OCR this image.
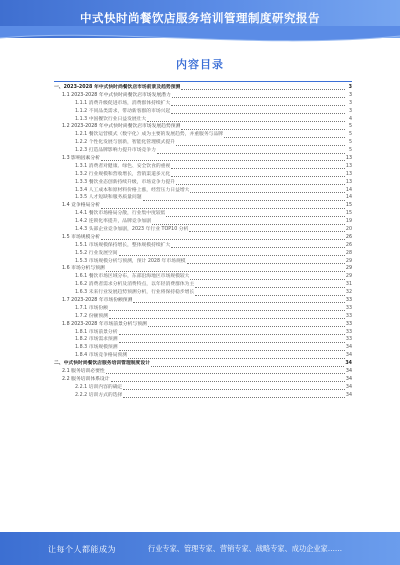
中式快时尚餐饮店服务培训管理制度研究报告
内容目录
一、2023-2028 年中式快时尚餐饮店市场前景及趋势预测	3
1.1 2023-2028 年中式快时尚餐饮店市场发展潜力	3
1.1.1 消费升级促进市场，消费群体持续扩大	3
1.1.2 不同品类需求，带动新客群的市场兴起	3
1.1.3 中国餐饮行业日益发展壮大	4
1.2 2023-2028 年中式快时尚餐饮店市场发展趋势预测	5
1.2.1 餐饮运营模式（数字化）成为主要的发展趋势，并重服务与品牌	5
1.2.2 个性化发展与创新，智能化管理模式提升	5
1.2.3 打造品牌影响力提升市场竞争力	5
1.3 影响因素分析	13
1.3.1 消费者对健康、绿色、安全饮食的重视	13
1.3.2 行业规模和营收增长，营销渠道多元化	13
1.3.3 餐饮业态创新持续升级，市场竞争力提升	13
1.3.4 人工成本和原材料价格上涨，经营压力日益增大	14
1.3.5 人才短缺和服务质量问题	14
1.4 竞争格局分析	15
1.4.1 餐饮市场格局分散，行业集中度较低	15
1.4.2 连锁化率提升，品牌竞争加剧	19
1.4.3 头部企业竞争加剧，2023 年行业 TOP10 分析	20
1.5 市场规模分析	26
1.5.1 市场规模保持增长，整体规模持续扩大	26
1.5.2 行业发展空间	28
1.5.3 市场规模分析与预测，预计 2028 年市场规模	29
1.6 市场分析与预测	29
1.6.1 餐饮市场区域分布，东部沿海地区市场规模较大	29
1.6.2 消费者需求分析及消费特点，以年轻消费群体为主	31
1.6.3 未来行业发展趋势预测分析，行业将保持稳步增长	32
1.7 2023-2028 年市场份额预测	33
1.7.1 市场份额	33
1.7.2 份额预测	33
1.8 2023-2028 年市场前景分析与预测	33
1.8.1 市场前景分析	33
1.8.2 市场需求预测	33
1.8.3 市场规模预测	34
1.8.4 市场竞争格局预测	34
二、中式快时尚餐饮店服务培训管理制度设计	34
2.1 服务培训必要性	34
2.2 服务培训体系设计	34
2.2.1 培训内容的确定	34
2.2.2 培训方式的选择	34
让每个人都能成为	行业专家、管理专家、营销专家、战略专家、成功企业家……
